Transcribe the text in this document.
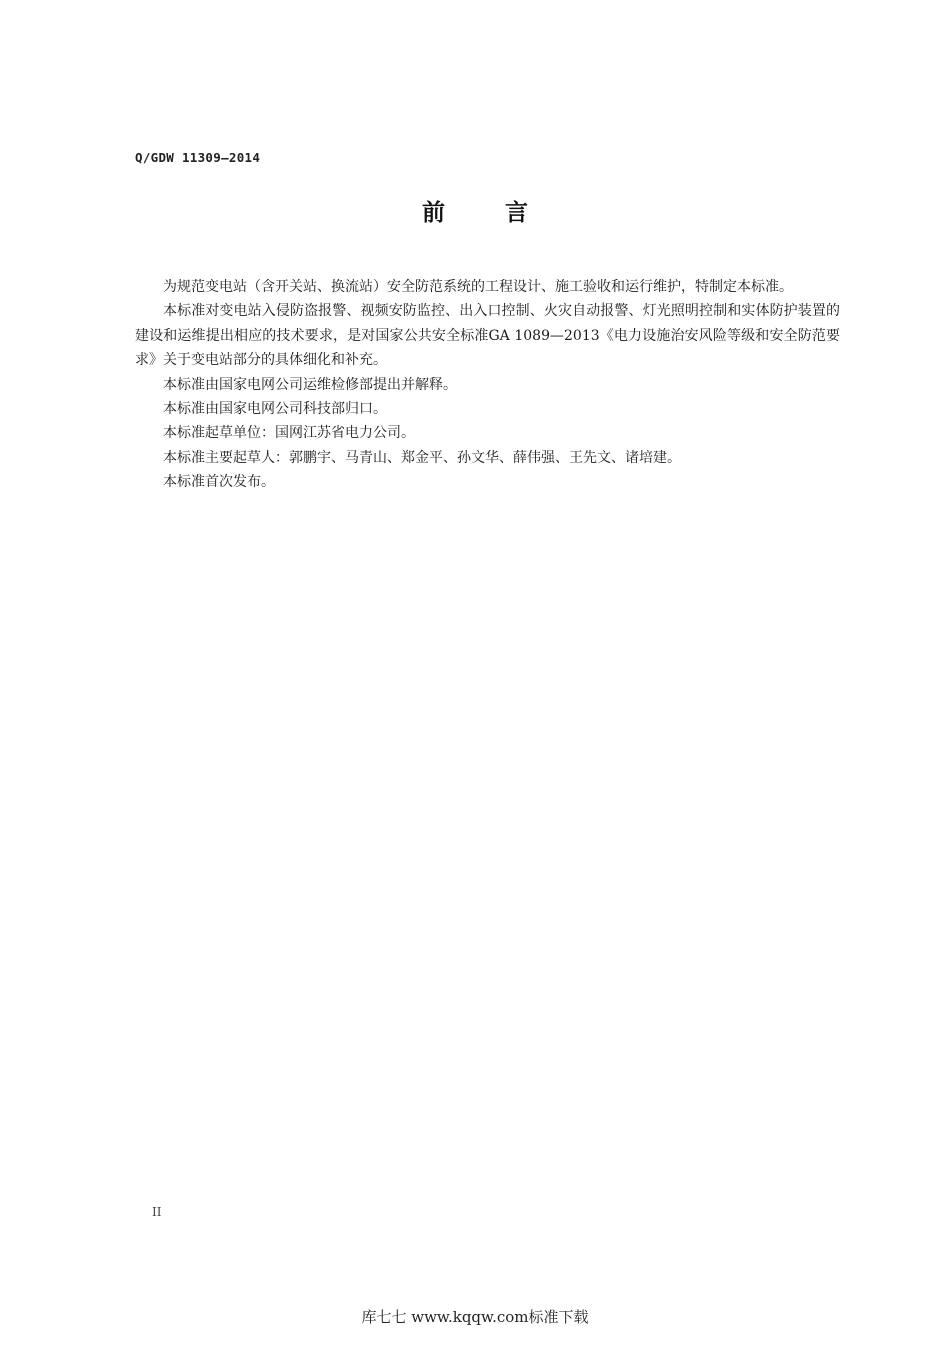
Q/GDW 11309—2014
前言

为规范变电站（含开关站、换流站）安全防范系统的工程设计、施工验收和运行维护，特制定本标准。

本标准对变电站入侵防盗报警、视频安防监控、出入口控制、火灾自动报警、灯光照明控制和实体防护装置的建设和运维提出相应的技术要求，是对国家公共安全标准GA 1089—2013《电力设施治安风险等级和安全防范要求》关于变电站部分的具体细化和补充。

本标准由国家电网公司运维检修部提出并解释。

本标准由国家电网公司科技部归口。

本标准起草单位：国网江苏省电力公司。

本标准主要起草人：郭鹏宇、马青山、郑金平、孙文华、薛伟强、王先文、诸培建。

本标准首次发布。

II
库七七 www.kqqw.com标准下载
